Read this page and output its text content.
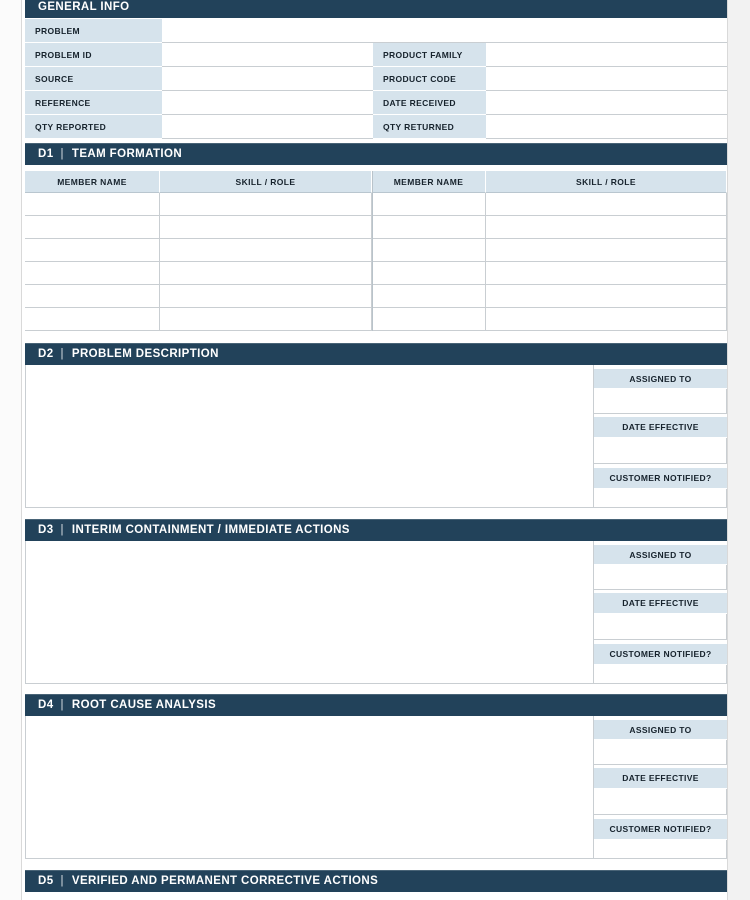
GENERAL INFO
PROBLEM
PROBLEM ID	PRODUCT FAMILY
SOURCE	PRODUCT CODE
REFERENCE	DATE RECEIVED
QTY REPORTED	QTY RETURNED
D1 | TEAM FORMATION
MEMBER NAME	SKILL / ROLE	MEMBER NAME	SKILL / ROLE
D2 | PROBLEM DESCRIPTION
ASSIGNED TO
DATE EFFECTIVE
CUSTOMER NOTIFIED?
D3 | INTERIM CONTAINMENT / IMMEDIATE ACTIONS
ASSIGNED TO
DATE EFFECTIVE
CUSTOMER NOTIFIED?
D4 | ROOT CAUSE ANALYSIS
ASSIGNED TO
DATE EFFECTIVE
CUSTOMER NOTIFIED?
D5 | VERIFIED AND PERMANENT CORRECTIVE ACTIONS
